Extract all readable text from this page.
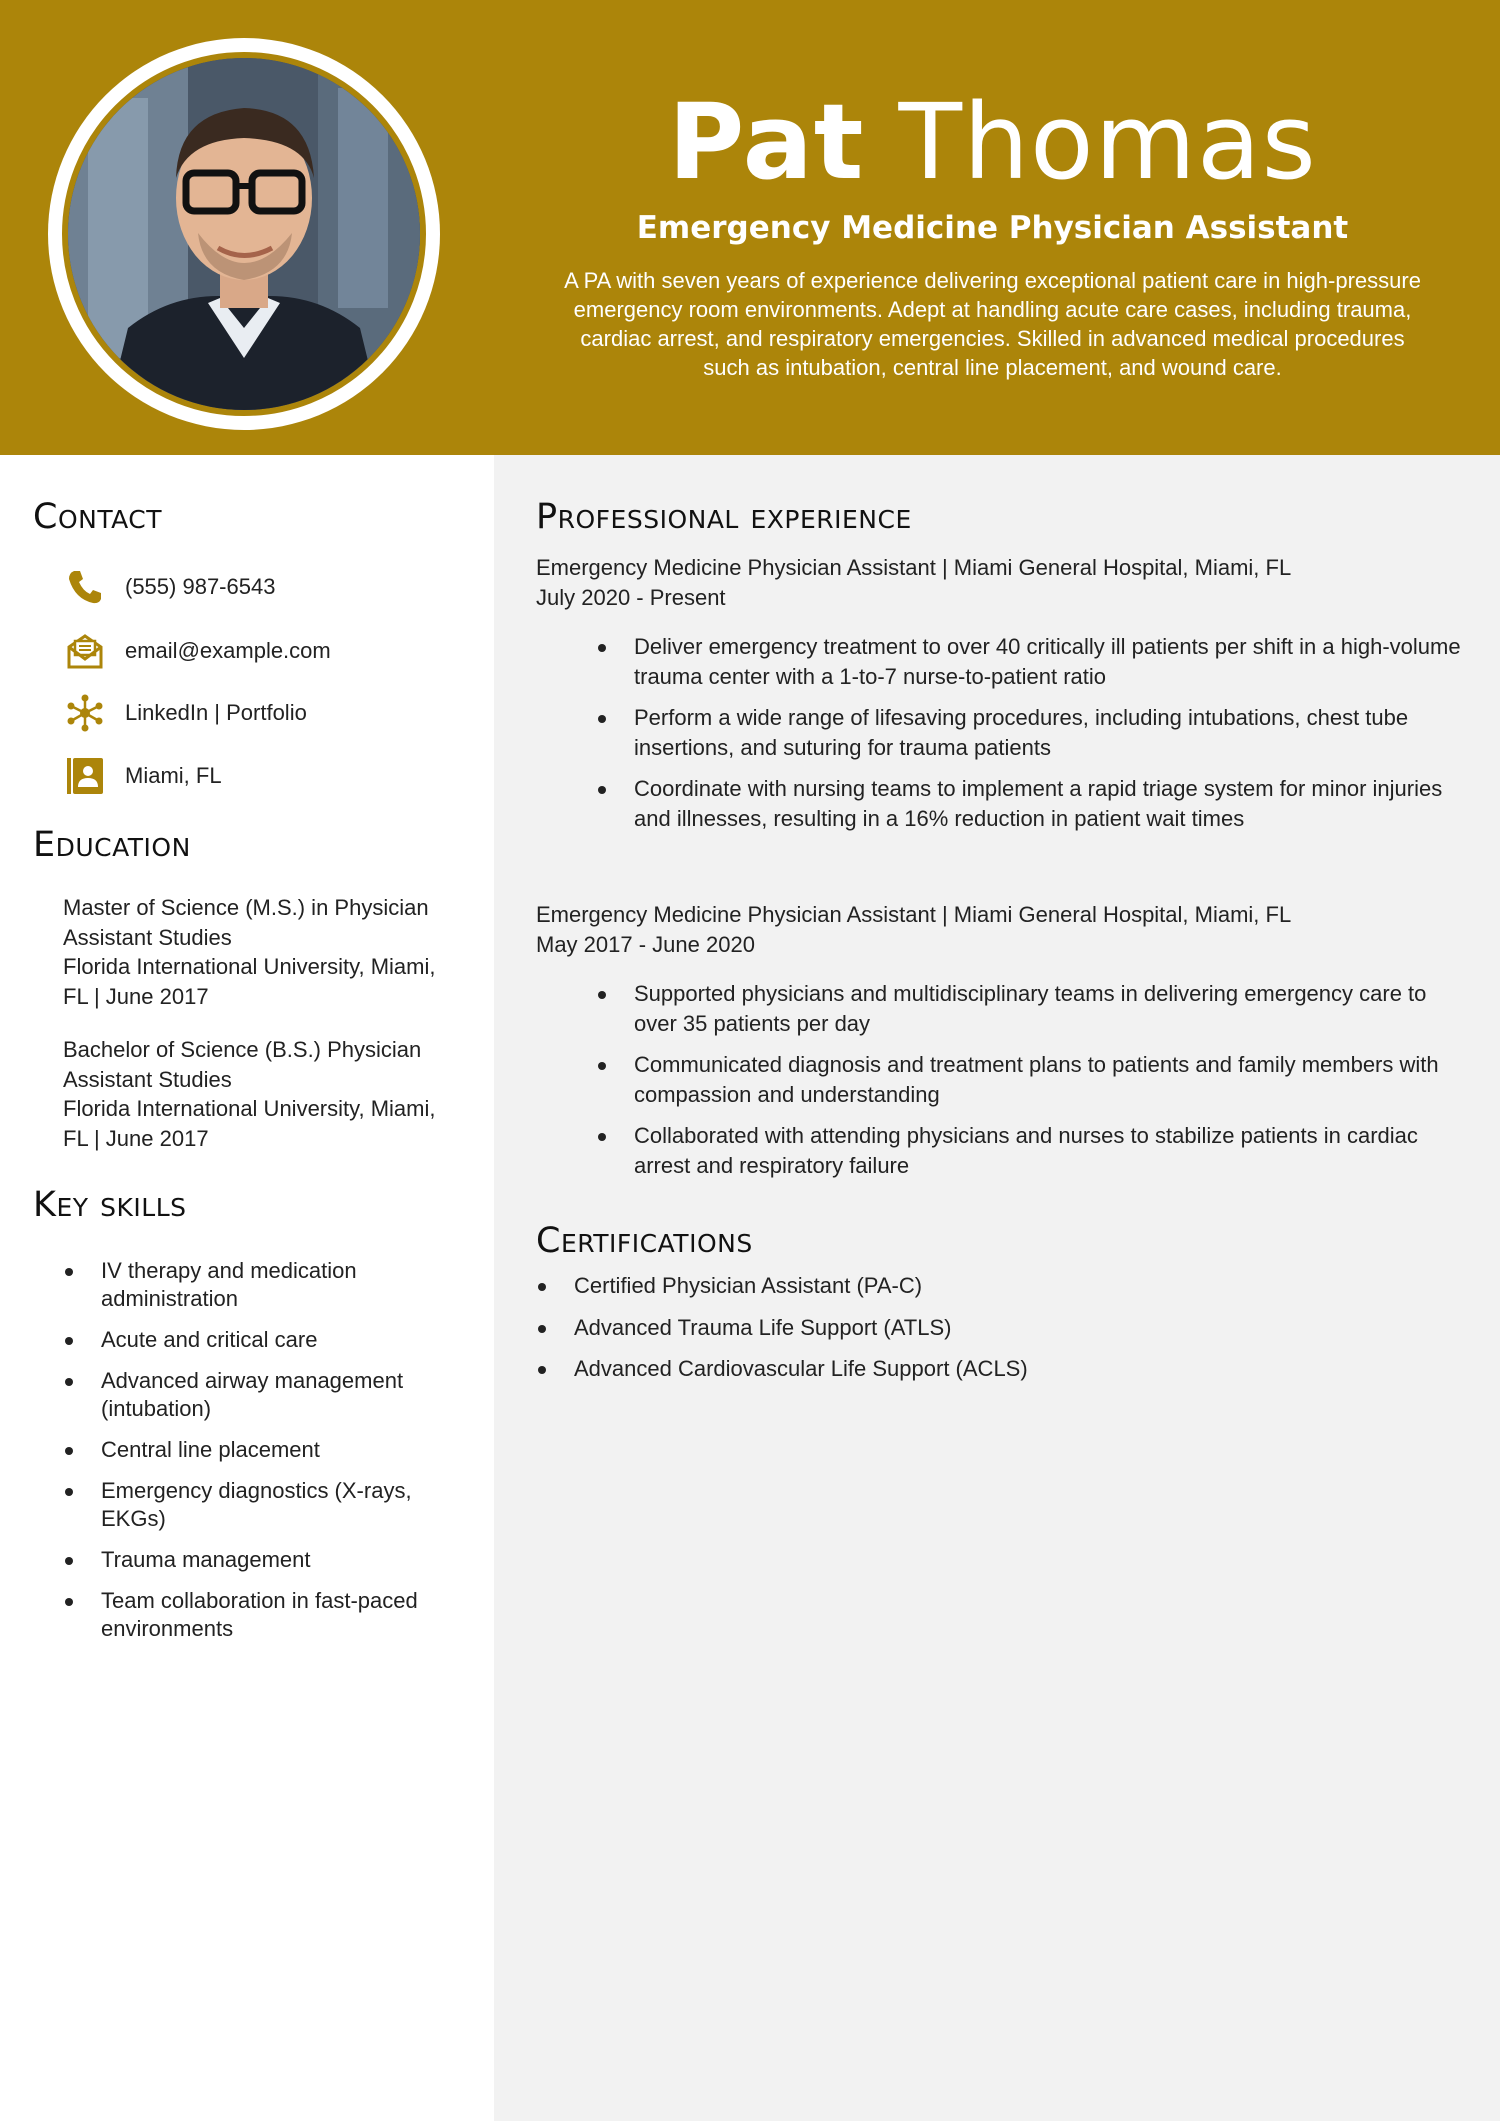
Pat Thomas
Emergency Medicine Physician Assistant
A PA with seven years of experience delivering exceptional patient care in high-pressure emergency room environments. Adept at handling acute care cases, including trauma, cardiac arrest, and respiratory emergencies. Skilled in advanced medical procedures such as intubation, central line placement, and wound care.
Contact
(555) 987-6543
email@example.com
LinkedIn | Portfolio
Miami, FL
Education
Master of Science (M.S.) in Physician Assistant Studies
Florida International University, Miami, FL | June 2017
Bachelor of Science (B.S.) Physician Assistant Studies
Florida International University, Miami, FL | June 2017
Key skills
IV therapy and medication administration
Acute and critical care
Advanced airway management (intubation)
Central line placement
Emergency diagnostics (X-rays, EKGs)
Trauma management
Team collaboration in fast-paced environments
Professional experience
Emergency Medicine Physician Assistant | Miami General Hospital, Miami, FL
July 2020 - Present
Deliver emergency treatment to over 40 critically ill patients per shift in a high-volume trauma center with a 1-to-7 nurse-to-patient ratio
Perform a wide range of lifesaving procedures, including intubations, chest tube insertions, and suturing for trauma patients
Coordinate with nursing teams to implement a rapid triage system for minor injuries and illnesses, resulting in a 16% reduction in patient wait times
Emergency Medicine Physician Assistant | Miami General Hospital, Miami, FL
May 2017 - June 2020
Supported physicians and multidisciplinary teams in delivering emergency care to over 35 patients per day
Communicated diagnosis and treatment plans to patients and family members with compassion and understanding
Collaborated with attending physicians and nurses to stabilize patients in cardiac arrest and respiratory failure
Certifications
Certified Physician Assistant (PA-C)
Advanced Trauma Life Support (ATLS)
Advanced Cardiovascular Life Support (ACLS)
